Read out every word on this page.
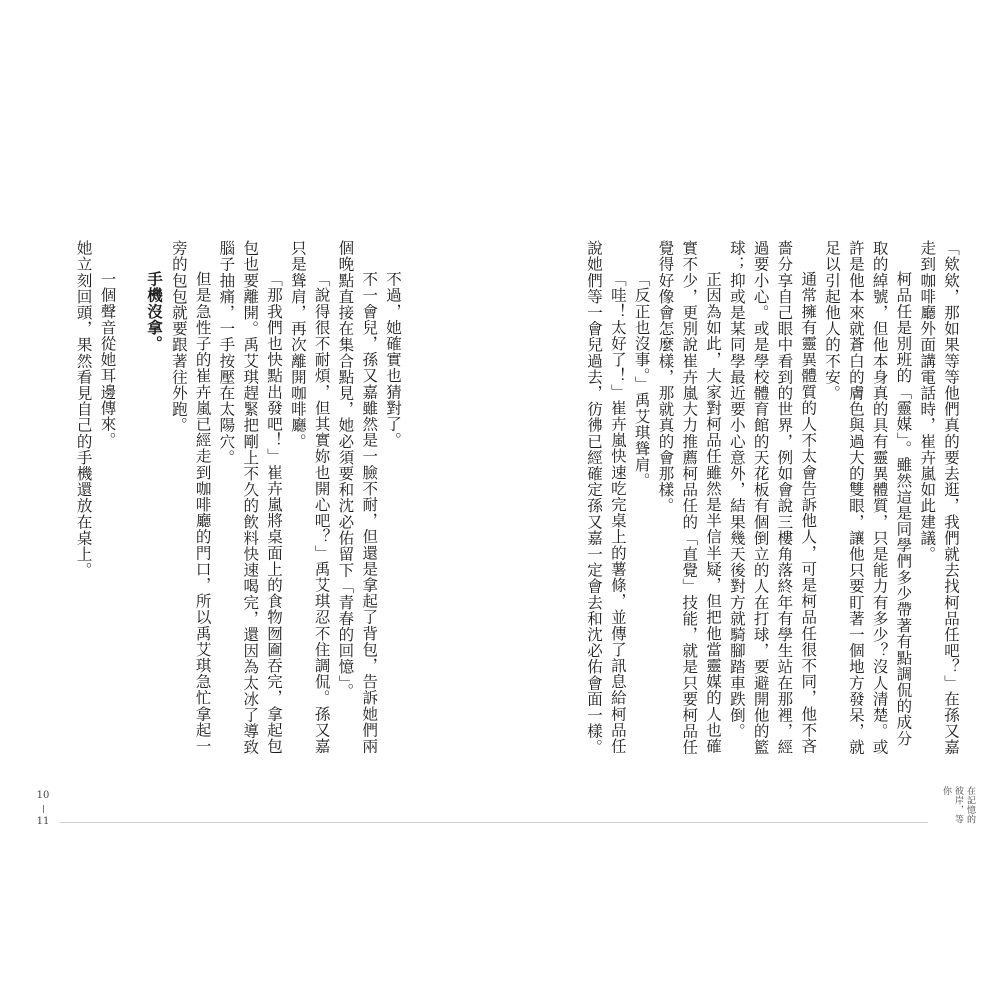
「欸欸，那如果等等他們真的要去逛，我們就去找柯品任吧？」在孫又嘉走到咖啡廳外面講電話時，崔卉嵐如此建議。

柯品任是別班的「靈媒」。雖然這是同學們多少帶著有點調侃的成分取的綽號，但他本身真的具有靈異體質，只是能力有多少？沒人清楚。或許是他本來就蒼白的膚色與過大的雙眼，讓他只要盯著一個地方發呆，就足以引起他人的不安。

通常擁有靈異體質的人不太會告訴他人，可是柯品任很不同，他不吝嗇分享自己眼中看到的世界，例如會說三樓角落終年有學生站在那裡，經過要小心。或是學校體育館的天花板有個倒立的人在打球，要避開他的籃球；抑或是某同學最近要小心意外，結果幾天後對方就騎腳踏車跌倒。

正因為如此，大家對柯品任雖然是半信半疑，但把他當靈媒的人也確實不少，更別說崔卉嵐大力推薦柯品任的「直覺」技能，就是只要柯品任覺得好像會怎麼樣，那就真的會那樣。

「反正也沒事。」禹艾琪聳肩。

「哇！太好了！」崔卉嵐快速吃完桌上的薯條，並傳了訊息給柯品任說她們等一會兒過去，彷彿已經確定孫又嘉一定會去和沈必佑會面一樣。

在記憶的彼岸，等你

不過，她確實也猜對了。

不一會兒，孫又嘉雖然是一臉不耐，但還是拿起了背包，告訴她們兩個晚點直接在集合點見，她必須要和沈必佑留下「青春的回憶」。

「說得很不耐煩，但其實妳也開心吧？」禹艾琪忍不住調侃。孫又嘉只是聳肩，再次離開咖啡廳。

「那我們也快點出發吧！」崔卉嵐將桌面上的食物囫圇吞完，拿起包包也要離開。禹艾琪趕緊把剛上不久的飲料快速喝完，還因為太冰了導致腦子抽痛，一手按壓在太陽穴。

但是急性子的崔卉嵐已經走到咖啡廳的門口，所以禹艾琪急忙拿起一旁的包包就要跟著往外跑。

手機沒拿。

一個聲音從她耳邊傳來。

她立刻回頭，果然看見自己的手機還放在桌上。

10
11
